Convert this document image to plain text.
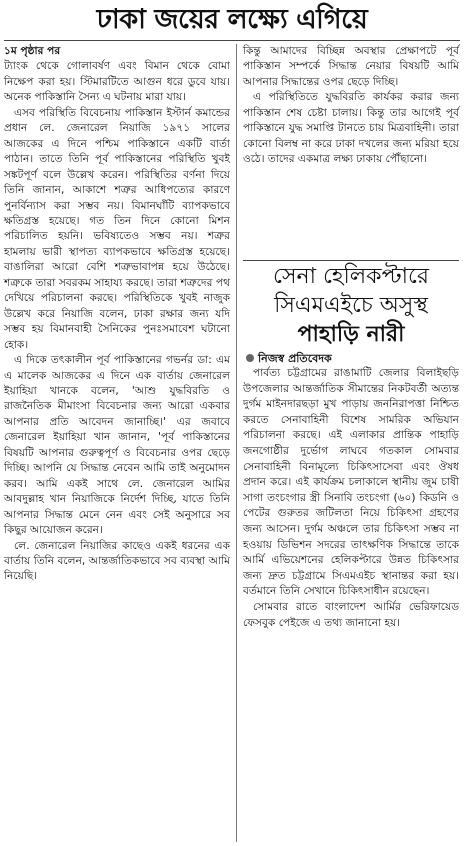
ঢাকা জয়ের লক্ষ্যে এগিয়ে
১ম পৃষ্ঠার পর

ট্যাংক থেকে গোলাবর্ষণ এবং বিমান থেকে বোমা নিক্ষেপ করা হয়। স্টিমারটিতে আগুন ধরে ডুবে যায়। অনেক পাকিস্তানি সৈন্য এ ঘটনায় মারা যায়।

এসব পরিস্থিতি বিবেচনায় পাকিস্তান ইস্টার্ন কমান্ডের প্রধান লে. জেনারেল নিয়াজি ১৯৭১ সালের আজকের এ দিনে পশ্চিম পাকিস্তানে একটি বার্তা পাঠান। তাতে তিনি পূর্ব পাকিস্তানের পরিস্থিতি খুবই সঙ্কটপূর্ণ বলে উল্লেখ করেন। পরিস্থিতির বর্ণনা দিয়ে তিনি জানান, আকাশে শত্রুর আধিপত্যের কারণে পুনর্বিন্যাস করা সম্ভব নয়। বিমানঘাঁটি ব্যাপকভাবে ক্ষতিগ্রস্ত হয়েছে। গত তিন দিনে কোনো মিশন পরিচালিত হয়নি। ভবিষ্যতেও সম্ভব নয়। শত্রুর হামলায় ভারী স্থাপত্য ব্যাপকভাবে ক্ষতিগ্রস্ত হয়েছে। বাঙালিরা আরো বেশি শত্রুভাবাপন্ন হয়ে উঠেছে। শত্রুকে তারা সবরকম সাহায্য করছে। তারা শত্রুদের পথ দেখিয়ে পরিচালনা করছে। পরিস্থিতিকে খুবই নাজুক উল্লেখ করে নিয়াজি বলেন, ঢাকা রক্ষার জন্য যদি সম্ভব হয় বিমানবাহী সৈনিকের পুনঃসমাবেশ ঘটানো হোক।

এ দিকে তৎকালীন পূর্ব পাকিস্তানের গভর্নর ডা: এম এ মালেক আজকের এ দিনে এক বার্তায় জেনারেল ইয়াহিয়া খানকে বলেন, 'আশু যুদ্ধবিরতি ও রাজনৈতিক মীমাংসা বিবেচনার জন্য আরো একবার আপনার প্রতি আবেদন জানাচ্ছি।' এর জবাবে জেনারেল ইয়াহিয়া খান জানান, 'পূর্ব পাকিস্তানের বিষয়টি আপনার গুরুত্বপূর্ণ ও বিবেচনার ওপর ছেড়ে দিচ্ছি। আপনি যে সিদ্ধান্ত নেবেন আমি তাই অনুমোদন করব। আমি একই সাথে লে. জেনারেল আমির আবদুল্লাহ খান নিয়াজিকে নির্দেশ দিচ্ছি, যাতে তিনি আপনার সিদ্ধান্ত মেনে নেন এবং সেই অনুসারে সব কিছুর আয়োজন করেন।

লে. জেনারেল নিয়াজির কাছেও একই ধরনের এক বার্তায় তিনি বলেন, আন্তর্জাতিকভাবে সব ব্যবস্থা আমি নিয়েছি।

কিন্তু আমাদের বিচ্ছিন্ন অবস্থার প্রেক্ষাপটে পূর্ব পাকিস্তান সম্পর্কে সিদ্ধান্ত নেয়ার বিষয়টি আমি আপনার সিদ্ধান্তের ওপর ছেড়ে দিচ্ছি।

এ পরিস্থিতিতে যুদ্ধবিরতি কার্যকর করার জন্য পাকিস্তান শেষ চেষ্টা চালায়। কিন্তু তার আগেই পূর্ব পাকিস্তানে যুদ্ধ সমাপ্তি টানতে চায় মিত্রবাহিনী। তারা কোনো বিলম্ব না করে ঢাকা দখলের জন্য মরিয়া হয়ে ওঠে। তাদের একমাত্র লক্ষ্য ঢাকায় পৌঁছানো।

সেনা হেলিকপ্টারে
সিএমএইচে অসুস্থ
পাহাড়ি নারী
নিজস্ব প্রতিবেদক

পার্বত্য চট্টগ্রামের রাঙামাটি জেলার বিলাইছড়ি উপজেলার আন্তর্জাতিক সীমান্তের নিকটবর্তী অত্যন্ত দুর্গম মাইনদারছড়া মুখ পাড়ায় জননিরাপত্তা নিশ্চিত করতে সেনাবাহিনী বিশেষ সামরিক অভিযান পরিচালনা করছে। এই এলাকার প্রান্তিক পাহাড়ি জনগোষ্ঠীর দুর্ভোগ লাঘবে গতকাল সোমবার সেনাবাহিনী বিনামূল্যে চিকিৎসাসেবা এবং ঔষধ প্রদান করে। এই কার্যক্রম চলাকালে স্থানীয় জুম চাষী সাগা তংচংগার স্ত্রী সিনাবি তংচংগা (৬০) কিডনি ও পেটের গুরুতর জটিলতা নিয়ে চিকিৎসা গ্রহণের জন্য আসেন। দুর্গম অঞ্চলে তার চিকিৎসা সম্ভব না হওয়ায় ডিভিশন সদরের তাৎক্ষণিক সিদ্ধান্তে তাকে আর্মি এভিয়েশনের হেলিকপ্টারে উন্নত চিকিৎসার জন্য দ্রুত চট্টগ্রামে সিএমএইচ স্থানান্তর করা হয়। বর্তমানে তিনি সেখানে চিকিৎসাধীন রয়েছেন।

সোমবার রাতে বাংলাদেশ আর্মির ভেরিফায়েড ফেসবুক পেইজে এ তথ্য জানানো হয়।
